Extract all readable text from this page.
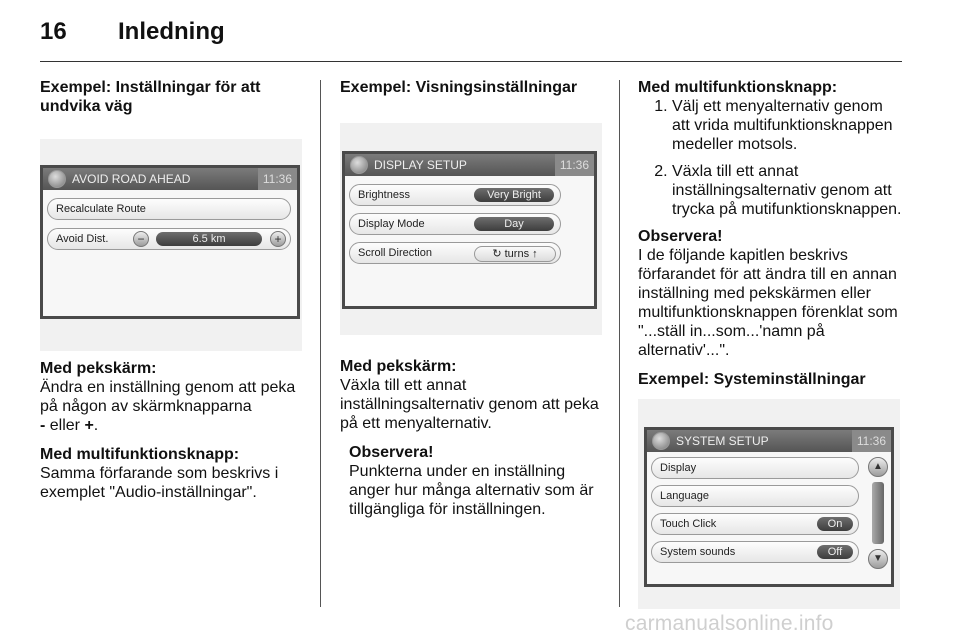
16 Inledning
Exempel: Inställningar för att undvika väg
AVOID ROAD AHEAD	11:36
Recalculate Route
Avoid Dist.	−	6.5 km	+
Med pekskärm:

Ändra en inställning genom att peka på någon av skärmknapparna
- eller +.

Med multifunktionsknapp:

Samma förfarande som beskrivs i exemplet "Audio-inställningar".

Exempel: Visningsinställningar
DISPLAY SETUP	11:36
Brightness	Very Bright
Display Mode	Day
Scroll Direction	↻ turns ↑
Med pekskärm:

Växla till ett annat inställningsalternativ genom att peka på ett menyalternativ.

Observera!

Punkterna under en inställning anger hur många alternativ som är tillgängliga för inställningen.

Med multifunktionsknapp:
1. Välj ett menyalternativ genom att vrida multifunktionsknappen medeller motsols.
2. Växla till ett annat inställningsalternativ genom att trycka på mutifunktionsknappen.
Observera!

I de följande kapitlen beskrivs förfarandet för att ändra till en annan inställning med pekskärmen eller multifunktionsknappen förenklat som "...ställ in...som...'namn på alternativ'...".

Exempel: Systeminställningar
SYSTEM SETUP	11:36
Display
Language
Touch Click	On
System sounds	Off
▲
▼
carmanualsonline.info
